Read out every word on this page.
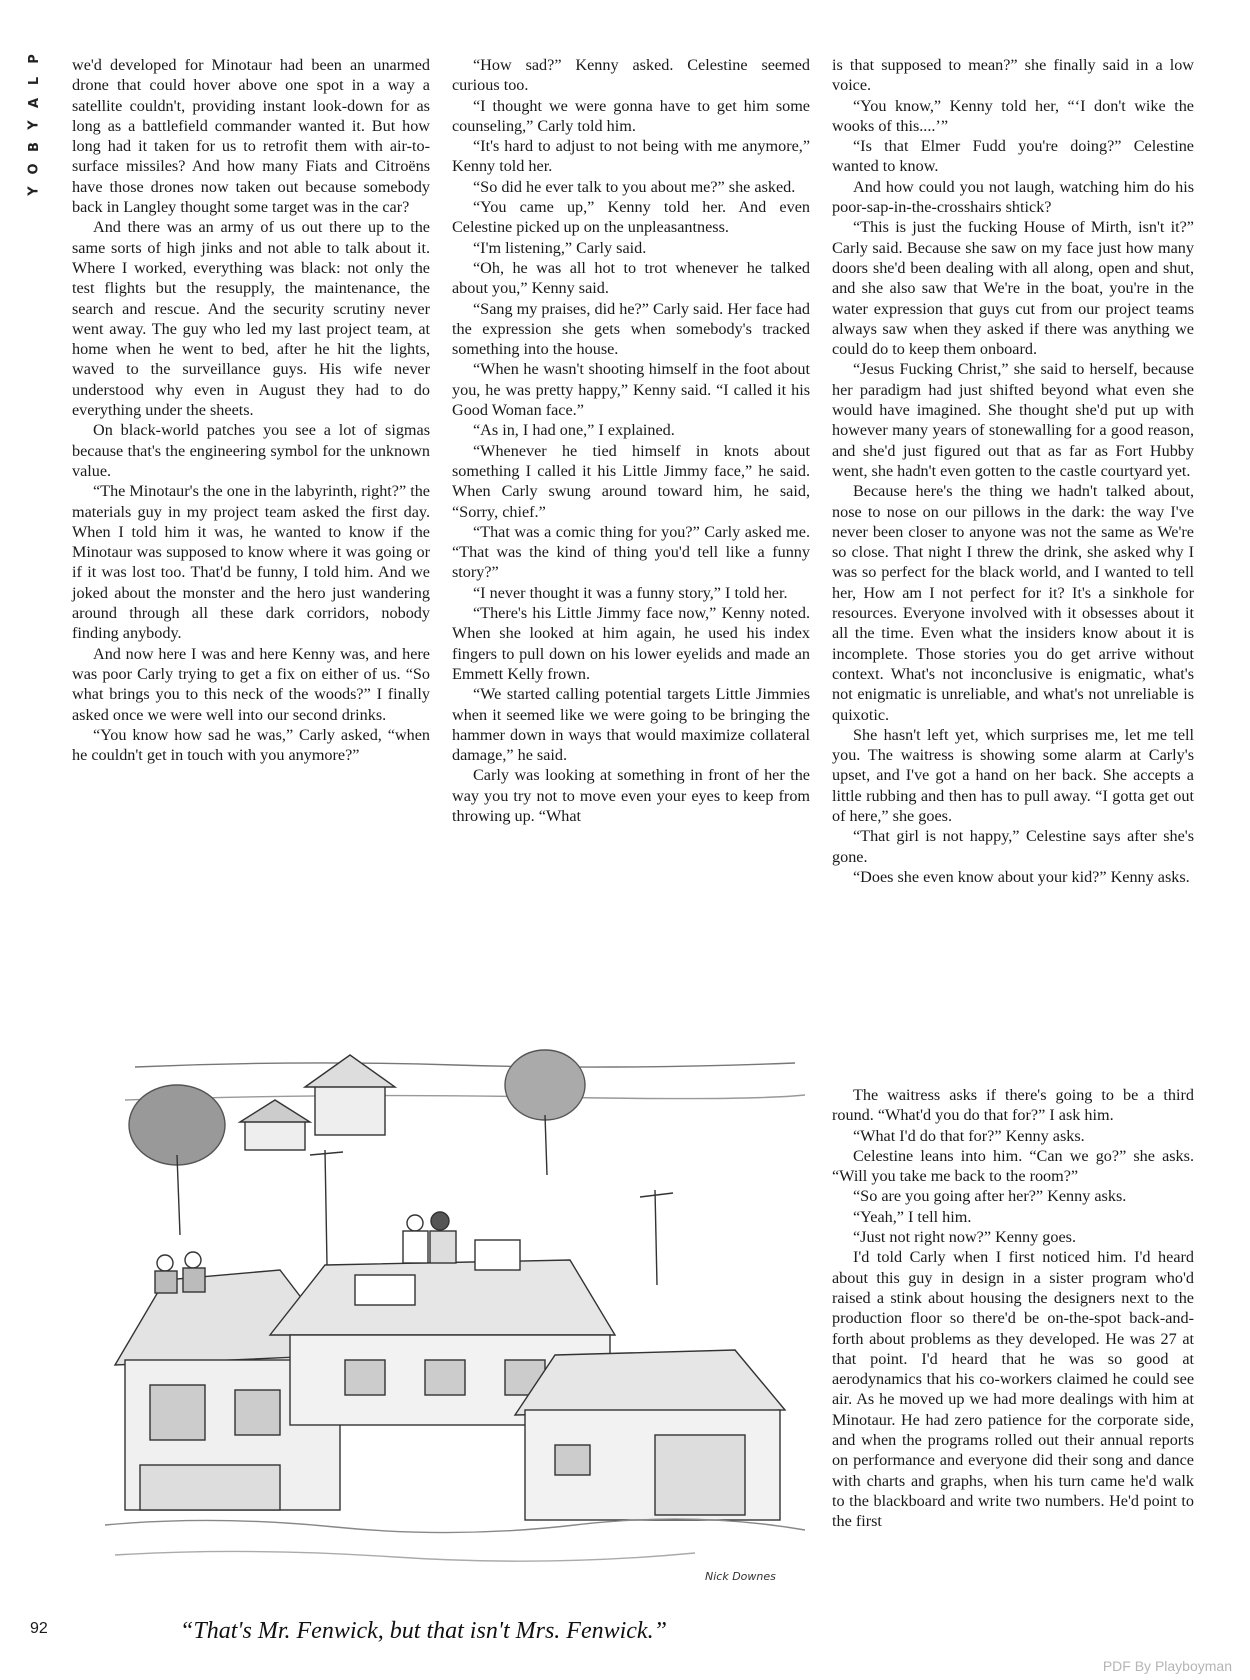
P
L
A
Y
B
O
Y

we'd developed for Minotaur had been an unarmed drone that could hover above one spot in a way a satellite couldn't, providing instant look-down for as long as a battlefield commander wanted it. But how long had it taken for us to retrofit them with air-to-surface missiles? And how many Fiats and Citroëns have those drones now taken out because somebody back in Langley thought some target was in the car?

And there was an army of us out there up to the same sorts of high jinks and not able to talk about it. Where I worked, everything was black: not only the test flights but the resupply, the maintenance, the search and rescue. And the security scrutiny never went away. The guy who led my last project team, at home when he went to bed, after he hit the lights, waved to the surveillance guys. His wife never understood why even in August they had to do everything under the sheets.

On black-world patches you see a lot of sigmas because that's the engineering symbol for the unknown value.

“The Minotaur's the one in the labyrinth, right?” the materials guy in my project team asked the first day. When I told him it was, he wanted to know if the Minotaur was supposed to know where it was going or if it was lost too. That'd be funny, I told him. And we joked about the monster and the hero just wandering around through all these dark corridors, nobody finding anybody.

And now here I was and here Kenny was, and here was poor Carly trying to get a fix on either of us. “So what brings you to this neck of the woods?” I finally asked once we were well into our second drinks.

“You know how sad he was,” Carly asked, “when he couldn't get in touch with you anymore?”

“How sad?” Kenny asked. Celestine seemed curious too.

“I thought we were gonna have to get him some counseling,” Carly told him.

“It's hard to adjust to not being with me anymore,” Kenny told her.

“So did he ever talk to you about me?” she asked.

“You came up,” Kenny told her. And even Celestine picked up on the unpleasantness.

“I'm listening,” Carly said.

“Oh, he was all hot to trot whenever he talked about you,” Kenny said.

“Sang my praises, did he?” Carly said. Her face had the expression she gets when somebody's tracked something into the house.

“When he wasn't shooting himself in the foot about you, he was pretty happy,” Kenny said. “I called it his Good Woman face.”

“As in, I had one,” I explained.

“Whenever he tied himself in knots about something I called it his Little Jimmy face,” he said. When Carly swung around toward him, he said, “Sorry, chief.”

“That was a comic thing for you?” Carly asked me. “That was the kind of thing you'd tell like a funny story?”

“I never thought it was a funny story,” I told her.

“There's his Little Jimmy face now,” Kenny noted. When she looked at him again, he used his index fingers to pull down on his lower eyelids and made an Emmett Kelly frown.

“We started calling potential targets Little Jimmies when it seemed like we were going to be bringing the hammer down in ways that would maximize collateral damage,” he said.

Carly was looking at something in front of her the way you try not to move even your eyes to keep from throwing up. “What

is that supposed to mean?” she finally said in a low voice.

“You know,” Kenny told her, “‘I don't wike the wooks of this....’”

“Is that Elmer Fudd you're doing?” Celestine wanted to know.

And how could you not laugh, watching him do his poor-sap-in-the-crosshairs shtick?

“This is just the fucking House of Mirth, isn't it?” Carly said. Because she saw on my face just how many doors she'd been dealing with all along, open and shut, and she also saw that We're in the boat, you're in the water expression that guys cut from our project teams always saw when they asked if there was anything we could do to keep them onboard.

“Jesus Fucking Christ,” she said to herself, because her paradigm had just shifted beyond what even she would have imagined. She thought she'd put up with however many years of stonewalling for a good reason, and she'd just figured out that as far as Fort Hubby went, she hadn't even gotten to the castle courtyard yet.

Because here's the thing we hadn't talked about, nose to nose on our pillows in the dark: the way I've never been closer to anyone was not the same as We're so close. That night I threw the drink, she asked why I was so perfect for the black world, and I wanted to tell her, How am I not perfect for it? It's a sinkhole for resources. Everyone involved with it obsesses about it all the time. Even what the insiders know about it is incomplete. Those stories you do get arrive without context. What's not inconclusive is enigmatic, what's not enigmatic is unreliable, and what's not unreliable is quixotic.

She hasn't left yet, which surprises me, let me tell you. The waitress is showing some alarm at Carly's upset, and I've got a hand on her back. She accepts a little rubbing and then has to pull away. “I gotta get out of here,” she goes.

“That girl is not happy,” Celestine says after she's gone.

“Does she even know about your kid?” Kenny asks.

The waitress asks if there's going to be a third round. “What'd you do that for?” I ask him.

“What I'd do that for?” Kenny asks.

Celestine leans into him. “Can we go?” she asks. “Will you take me back to the room?”

“So are you going after her?” Kenny asks.

“Yeah,” I tell him.

“Just not right now?” Kenny goes.

I'd told Carly when I first noticed him. I'd heard about this guy in design in a sister program who'd raised a stink about housing the designers next to the production floor so there'd be on-the-spot back-and-forth about problems as they developed. He was 27 at that point. I'd heard that he was so good at aerodynamics that his co-workers claimed he could see air. As he moved up we had more dealings with him at Minotaur. He had zero patience for the corporate side, and when the programs rolled out their annual reports on performance and everyone did their song and dance with charts and graphs, when his turn came he'd walk to the blackboard and write two numbers. He'd point to the first

Nick Downes
“That's Mr. Fenwick, but that isn't Mrs. Fenwick.”
92
PDF By Playboyman
